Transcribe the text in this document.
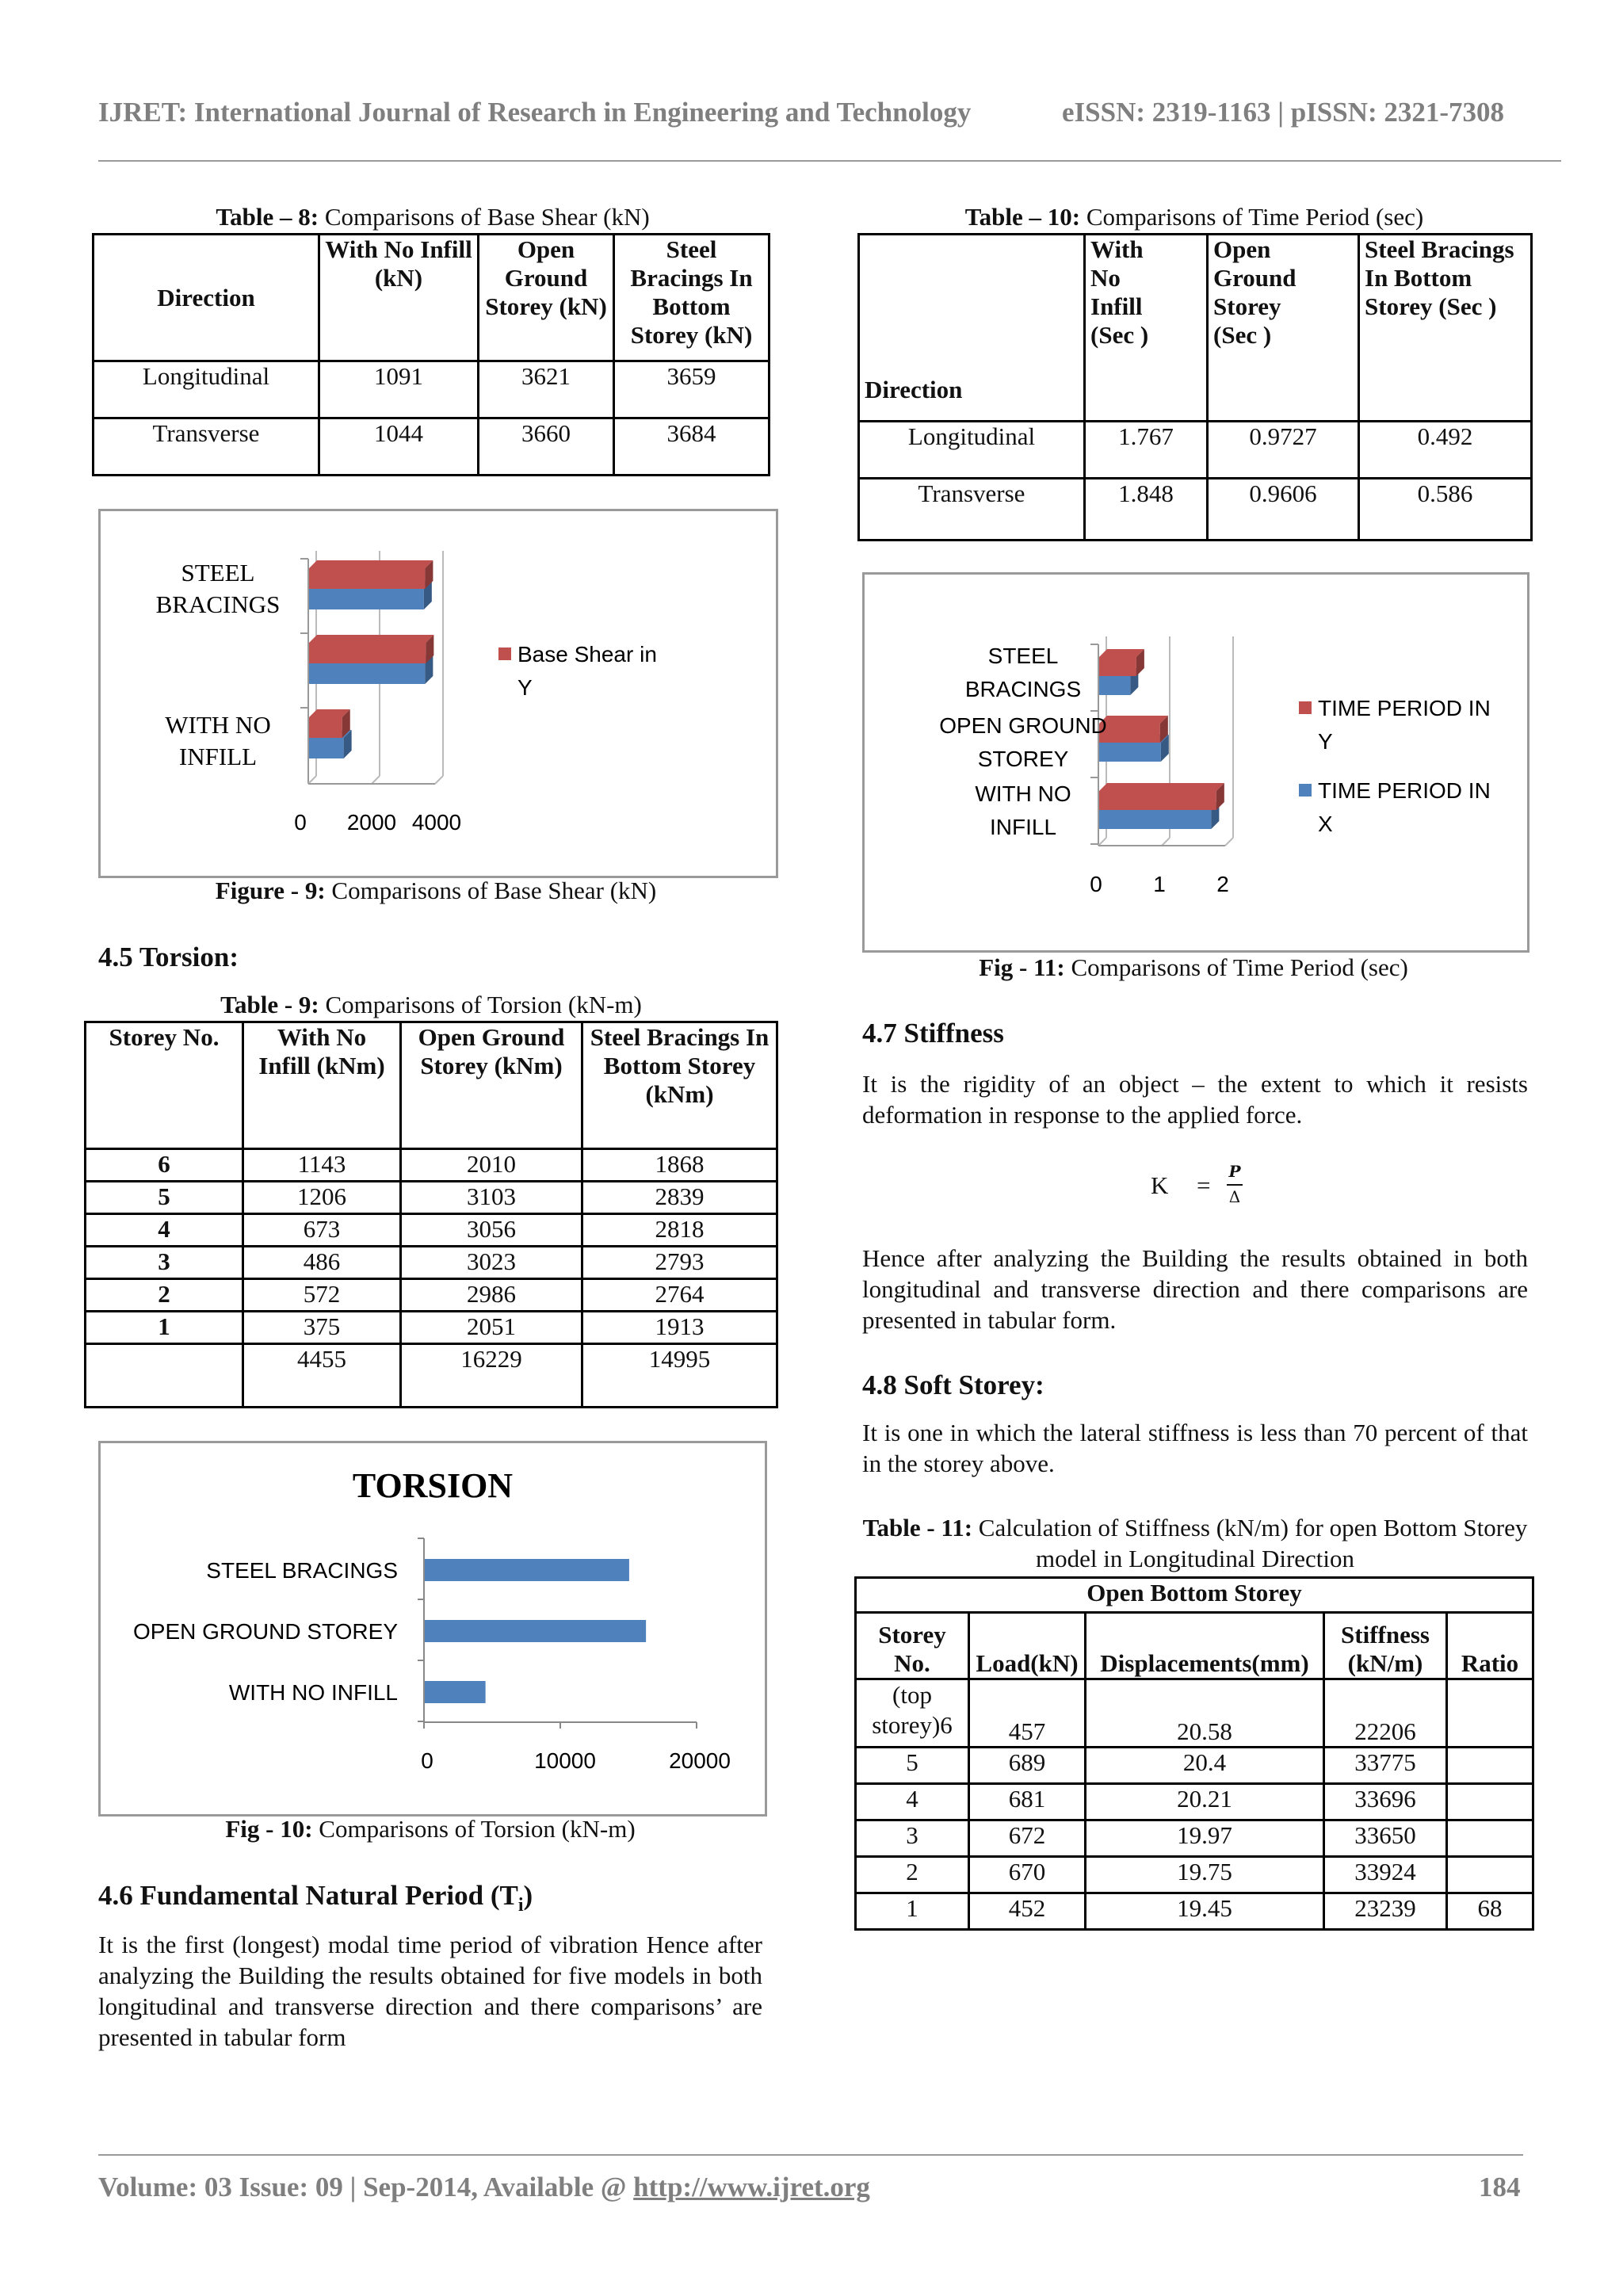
IJRET: International Journal of Research in Engineering and Technology	eISSN: 2319-1163 | pISSN: 2321-7308
Table – 8: Comparisons of Base Shear (kN)
Direction	With No Infill (kN)	Open Ground Storey (kN)	Steel Bracings In Bottom Storey (kN)
Longitudinal	1091	3621	3659
Transverse	1044	3660	3684
WITH NO
INFILL
STEEL
BRACINGS
0 2000 4000
Base Shear in
Y
Figure - 9: Comparisons of Base Shear (kN)
4.5 Torsion:
Table - 9: Comparisons of Torsion (kN-m)
Storey No.	With No Infill (kNm)	Open Ground Storey (kNm)	Steel Bracings In Bottom Storey (kNm)
6	1143	2010	1868
5	1206	3103	2839
4	673	3056	2818
3	486	3023	2793
2	572	2986	2764
1	375	2051	1913
	4455	16229	14995
TORSION
WITH NO INFILL
OPEN GROUND STOREY
STEEL BRACINGS
0	10000	20000
Fig - 10: Comparisons of Torsion (kN-m)
4.6 Fundamental Natural Period $(T_i)$
It is the first (longest) modal time period of vibration Hence after analyzing the Building the results obtained for five models in both longitudinal and transverse direction and there comparisons’ are presented in tabular form
Table – 10: Comparisons of Time Period (sec)
Direction	With No Infill (Sec )	Open Ground Storey (Sec )	Steel Bracings In Bottom Storey (Sec )
Longitudinal	1.767	0.9727	0.492
Transverse	1.848	0.9606	0.586
WITH NO
INFILL
OPEN GROUND
STOREY
STEEL
BRACINGS
0 1 2
TIME PERIOD IN
Y
TIME PERIOD IN
X
Fig - 11: Comparisons of Time Period (sec)
4.7 Stiffness
It is the rigidity of an object – the extent to which it resists deformation in response to the applied force.
K =	P
Δ
Hence after analyzing the Building the results obtained in both longitudinal and transverse direction and there comparisons are presented in tabular form.
4.8 Soft Storey:
It is one in which the lateral stiffness is less than 70 percent of that in the storey above.
Table - 11: Calculation of Stiffness (kN/m) for open Bottom Storey model in Longitudinal Direction
Open Bottom Storey				
Storey No.	Load(kN)	Displacements(mm)	Stiffness (kN/m)	Ratio
(top storey)6	457	20.58	22206	
5	689	20.4	33775	
4	681	20.21	33696	
3	672	19.97	33650	
2	670	19.75	33924	
1	452	19.45	23239	68
Volume: 03 Issue: 09 | Sep-2014, Available @ http://www.ijret.org	184
